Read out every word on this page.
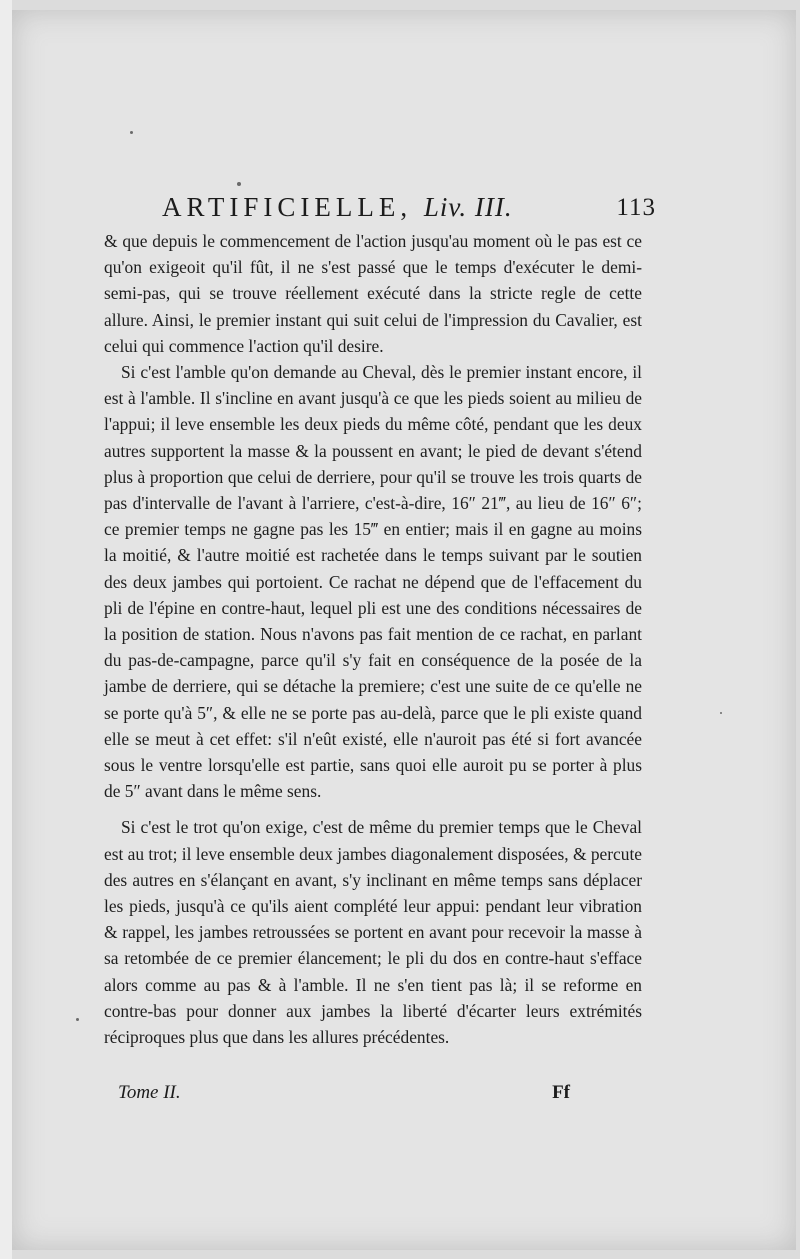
ARTIFICIELLE, Liv. III.	113

& que depuis le commencement de l'action jusqu'au moment où le pas est ce qu'on exigeoit qu'il fût, il ne s'est passé que le temps d'exécuter le demi-semi-pas, qui se trouve réellement exécuté dans la stricte regle de cette allure. Ainsi, le premier instant qui suit celui de l'impression du Cavalier, est celui qui commence l'action qu'il desire.

Si c'est l'amble qu'on demande au Cheval, dès le premier instant encore, il est à l'amble. Il s'incline en avant jusqu'à ce que les pieds soient au milieu de l'appui; il leve ensemble les deux pieds du même côté, pendant que les deux autres supportent la masse & la poussent en avant; le pied de devant s'étend plus à proportion que celui de derriere, pour qu'il se trouve les trois quarts de pas d'intervalle de l'avant à l'arriere, c'est-à-dire, 16″ 21‴, au lieu de 16″ 6″; ce premier temps ne gagne pas les 15‴ en entier; mais il en gagne au moins la moitié, & l'autre moitié est rachetée dans le temps suivant par le soutien des deux jambes qui portoient. Ce rachat ne dépend que de l'effacement du pli de l'épine en contre-haut, lequel pli est une des conditions nécessaires de la position de station. Nous n'avons pas fait mention de ce rachat, en parlant du pas-de-campagne, parce qu'il s'y fait en conséquence de la posée de la jambe de derriere, qui se détache la premiere; c'est une suite de ce qu'elle ne se porte qu'à 5″, & elle ne se porte pas au-delà, parce que le pli existe quand elle se meut à cet effet: s'il n'eût existé, elle n'auroit pas été si fort avancée sous le ventre lorsqu'elle est partie, sans quoi elle auroit pu se porter à plus de 5″ avant dans le même sens.

Si c'est le trot qu'on exige, c'est de même du premier temps que le Cheval est au trot; il leve ensemble deux jambes diagonalement disposées, & percute des autres en s'élançant en avant, s'y inclinant en même temps sans déplacer les pieds, jusqu'à ce qu'ils aient complété leur appui: pendant leur vibration & rappel, les jambes retroussées se portent en avant pour recevoir la masse à sa retombée de ce premier élancement; le pli du dos en contre-haut s'efface alors comme au pas & à l'amble. Il ne s'en tient pas là; il se reforme en contre-bas pour donner aux jambes la liberté d'écarter leurs extrémités réciproques plus que dans les allures précédentes.

Tome II.	Ff
